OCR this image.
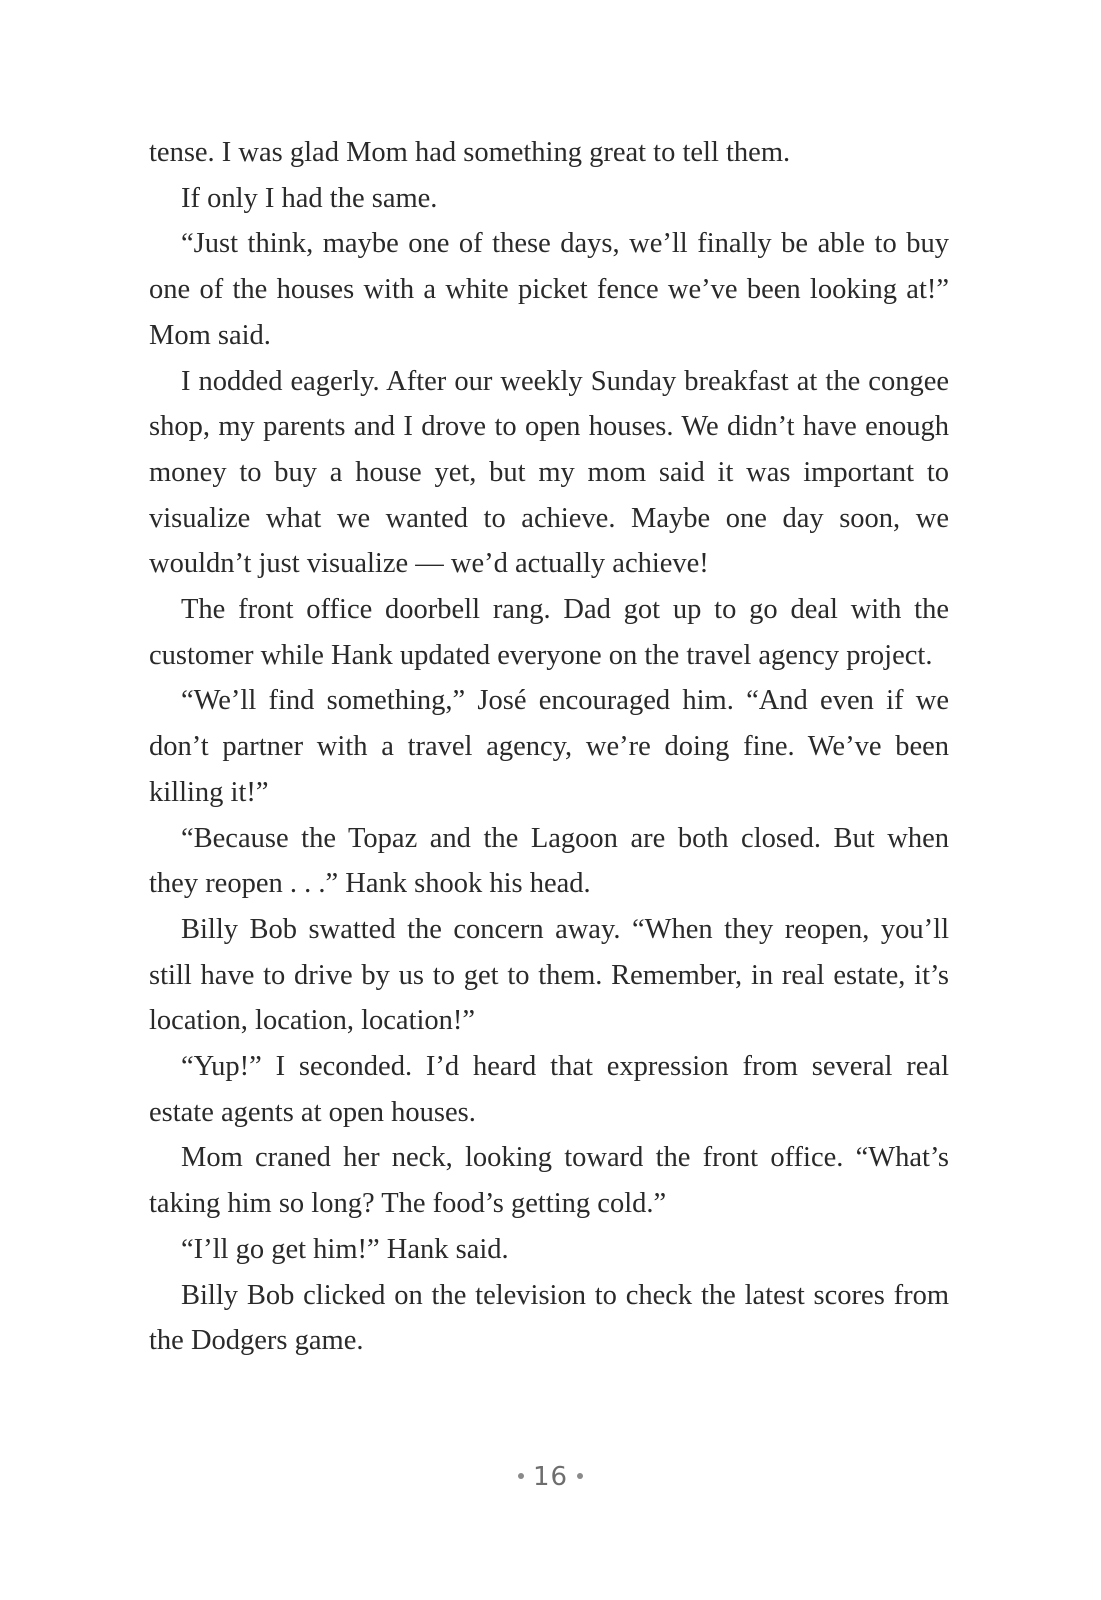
tense. I was glad Mom had something great to tell them.

If only I had the same.

“Just think, maybe one of these days, we’ll finally be able to buy one of the houses with a white picket fence we’ve been looking at!” Mom said.

I nodded eagerly. After our weekly Sunday breakfast at the congee shop, my parents and I drove to open houses. We didn’t have enough money to buy a house yet, but my mom said it was important to visualize what we wanted to achieve. Maybe one day soon, we wouldn’t just visualize — we’d actually achieve!

The front office doorbell rang. Dad got up to go deal with the customer while Hank updated everyone on the travel agency project.

“We’ll find something,” José encouraged him. “And even if we don’t partner with a travel agency, we’re doing fine. We’ve been killing it!”

“Because the Topaz and the Lagoon are both closed. But when they reopen . . .” Hank shook his head.

Billy Bob swatted the concern away. “When they reopen, you’ll still have to drive by us to get to them. Remember, in real estate, it’s location, location, location!”

“Yup!” I seconded. I’d heard that expression from several real estate agents at open houses.

Mom craned her neck, looking toward the front office. “What’s taking him so long? The food’s getting cold.”

“I’ll go get him!” Hank said.

Billy Bob clicked on the television to check the latest scores from the Dodgers game.

16
